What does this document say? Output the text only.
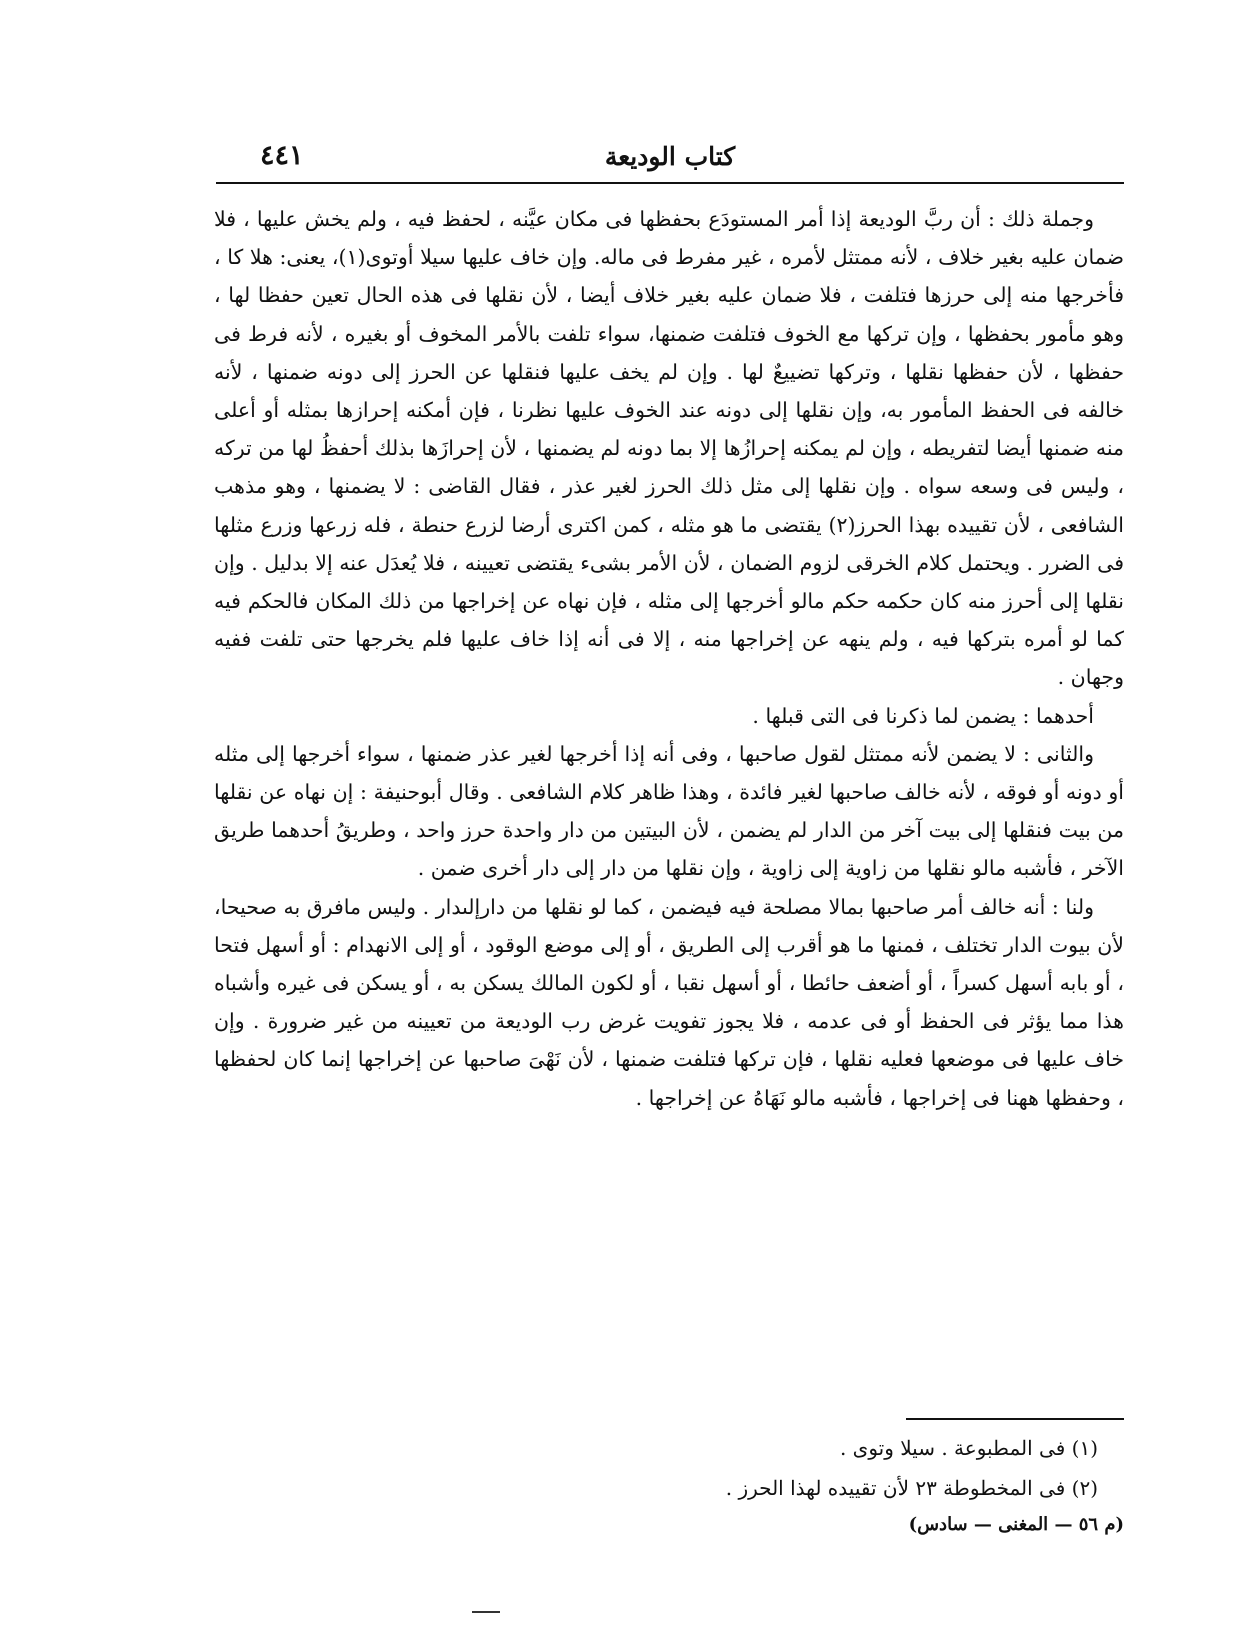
كتاب الوديعة
٤٤١

وجملة ذلك : أن ربَّ الوديعة إذا أمر المستودَع بحفظها فى مكان عيَّنه ، لحفظ فيه ، ولم يخش عليها ، فلا ضمان عليه بغير خلاف ، لأنه ممتثل لأمره ، غير مفرط فى ماله. وإن خاف عليها سيلا أوتوى(١)، يعنى: هلا كا ، فأخرجها منه إلى حرزها فتلفت ، فلا ضمان عليه بغير خلاف أيضا ، لأن نقلها فى هذه الحال تعين حفظا لها ، وهو مأمور بحفظها ، وإن تركها مع الخوف فتلفت ضمنها، سواء تلفت بالأمر المخوف أو بغيره ، لأنه فرط فى حفظها ، لأن حفظها نقلها ، وتركها تضييعٌ لها . وإن لم يخف عليها فنقلها عن الحرز إلى دونه ضمنها ، لأنه خالفه فى الحفظ المأمور به، وإن نقلها إلى دونه عند الخوف عليها نظرنا ، فإن أمكنه إحرازها بمثله أو أعلى منه ضمنها أيضا لتفريطه ، وإن لم يمكنه إحرازُها إلا بما دونه لم يضمنها ، لأن إحرازَها بذلك أحفظُ لها من تركه ، وليس فى وسعه سواه . وإن نقلها إلى مثل ذلك الحرز لغير عذر ، فقال القاضى : لا يضمنها ، وهو مذهب الشافعى ، لأن تقييده بهذا الحرز(٢) يقتضى ما هو مثله ، كمن اكترى أرضا لزرع حنطة ، فله زرعها وزرع مثلها فى الضرر . ويحتمل كلام الخرقى لزوم الضمان ، لأن الأمر بشىء يقتضى تعيينه ، فلا يُعدَل عنه إلا بدليل . وإن نقلها إلى أحرز منه كان حكمه حكم مالو أخرجها إلى مثله ، فإن نهاه عن إخراجها من ذلك المكان فالحكم فيه كما لو أمره بتركها فيه ، ولم ينهه عن إخراجها منه ، إلا فى أنه إذا خاف عليها فلم يخرجها حتى تلفت ففيه وجهان .

أحدهما : يضمن لما ذكرنا فى التى قبلها .

والثانى : لا يضمن لأنه ممتثل لقول صاحبها ، وفى أنه إذا أخرجها لغير عذر ضمنها ، سواء أخرجها إلى مثله أو دونه أو فوقه ، لأنه خالف صاحبها لغير فائدة ، وهذا ظاهر كلام الشافعى . وقال أبوحنيفة : إن نهاه عن نقلها من بيت فنقلها إلى بيت آخر من الدار لم يضمن ، لأن البيتين من دار واحدة حرز واحد ، وطريقُ أحدهما طريق الآخر ، فأشبه مالو نقلها من زاوية إلى زاوية ، وإن نقلها من دار إلى دار أخرى ضمن .

ولنا : أنه خالف أمر صاحبها بمالا مصلحة فيه فيضمن ، كما لو نقلها من دارإلىدار . وليس مافرق به صحيحا، لأن بيوت الدار تختلف ، فمنها ما هو أقرب إلى الطريق ، أو إلى موضع الوقود ، أو إلى الانهدام : أو أسهل فتحا ، أو بابه أسهل كسراً ، أو أضعف حائطا ، أو أسهل نقبا ، أو لكون المالك يسكن به ، أو يسكن فى غيره وأشباه هذا مما يؤثر فى الحفظ أو فى عدمه ، فلا يجوز تفويت غرض رب الوديعة من تعيينه من غير ضرورة . وإن خاف عليها فى موضعها فعليه نقلها ، فإن تركها فتلفت ضمنها ، لأن نَهْىَ صاحبها عن إخراجها إنما كان لحفظها ، وحفظها ههنا فى إخراجها ، فأشبه مالو نَهَاهُ عن إخراجها .

(١) فى المطبوعة . سيلا وتوى .
(٢) فى المخطوطة ٢٣ لأن تقييده لهذا الحرز .
(م ٥٦ — المغنى — سادس)
